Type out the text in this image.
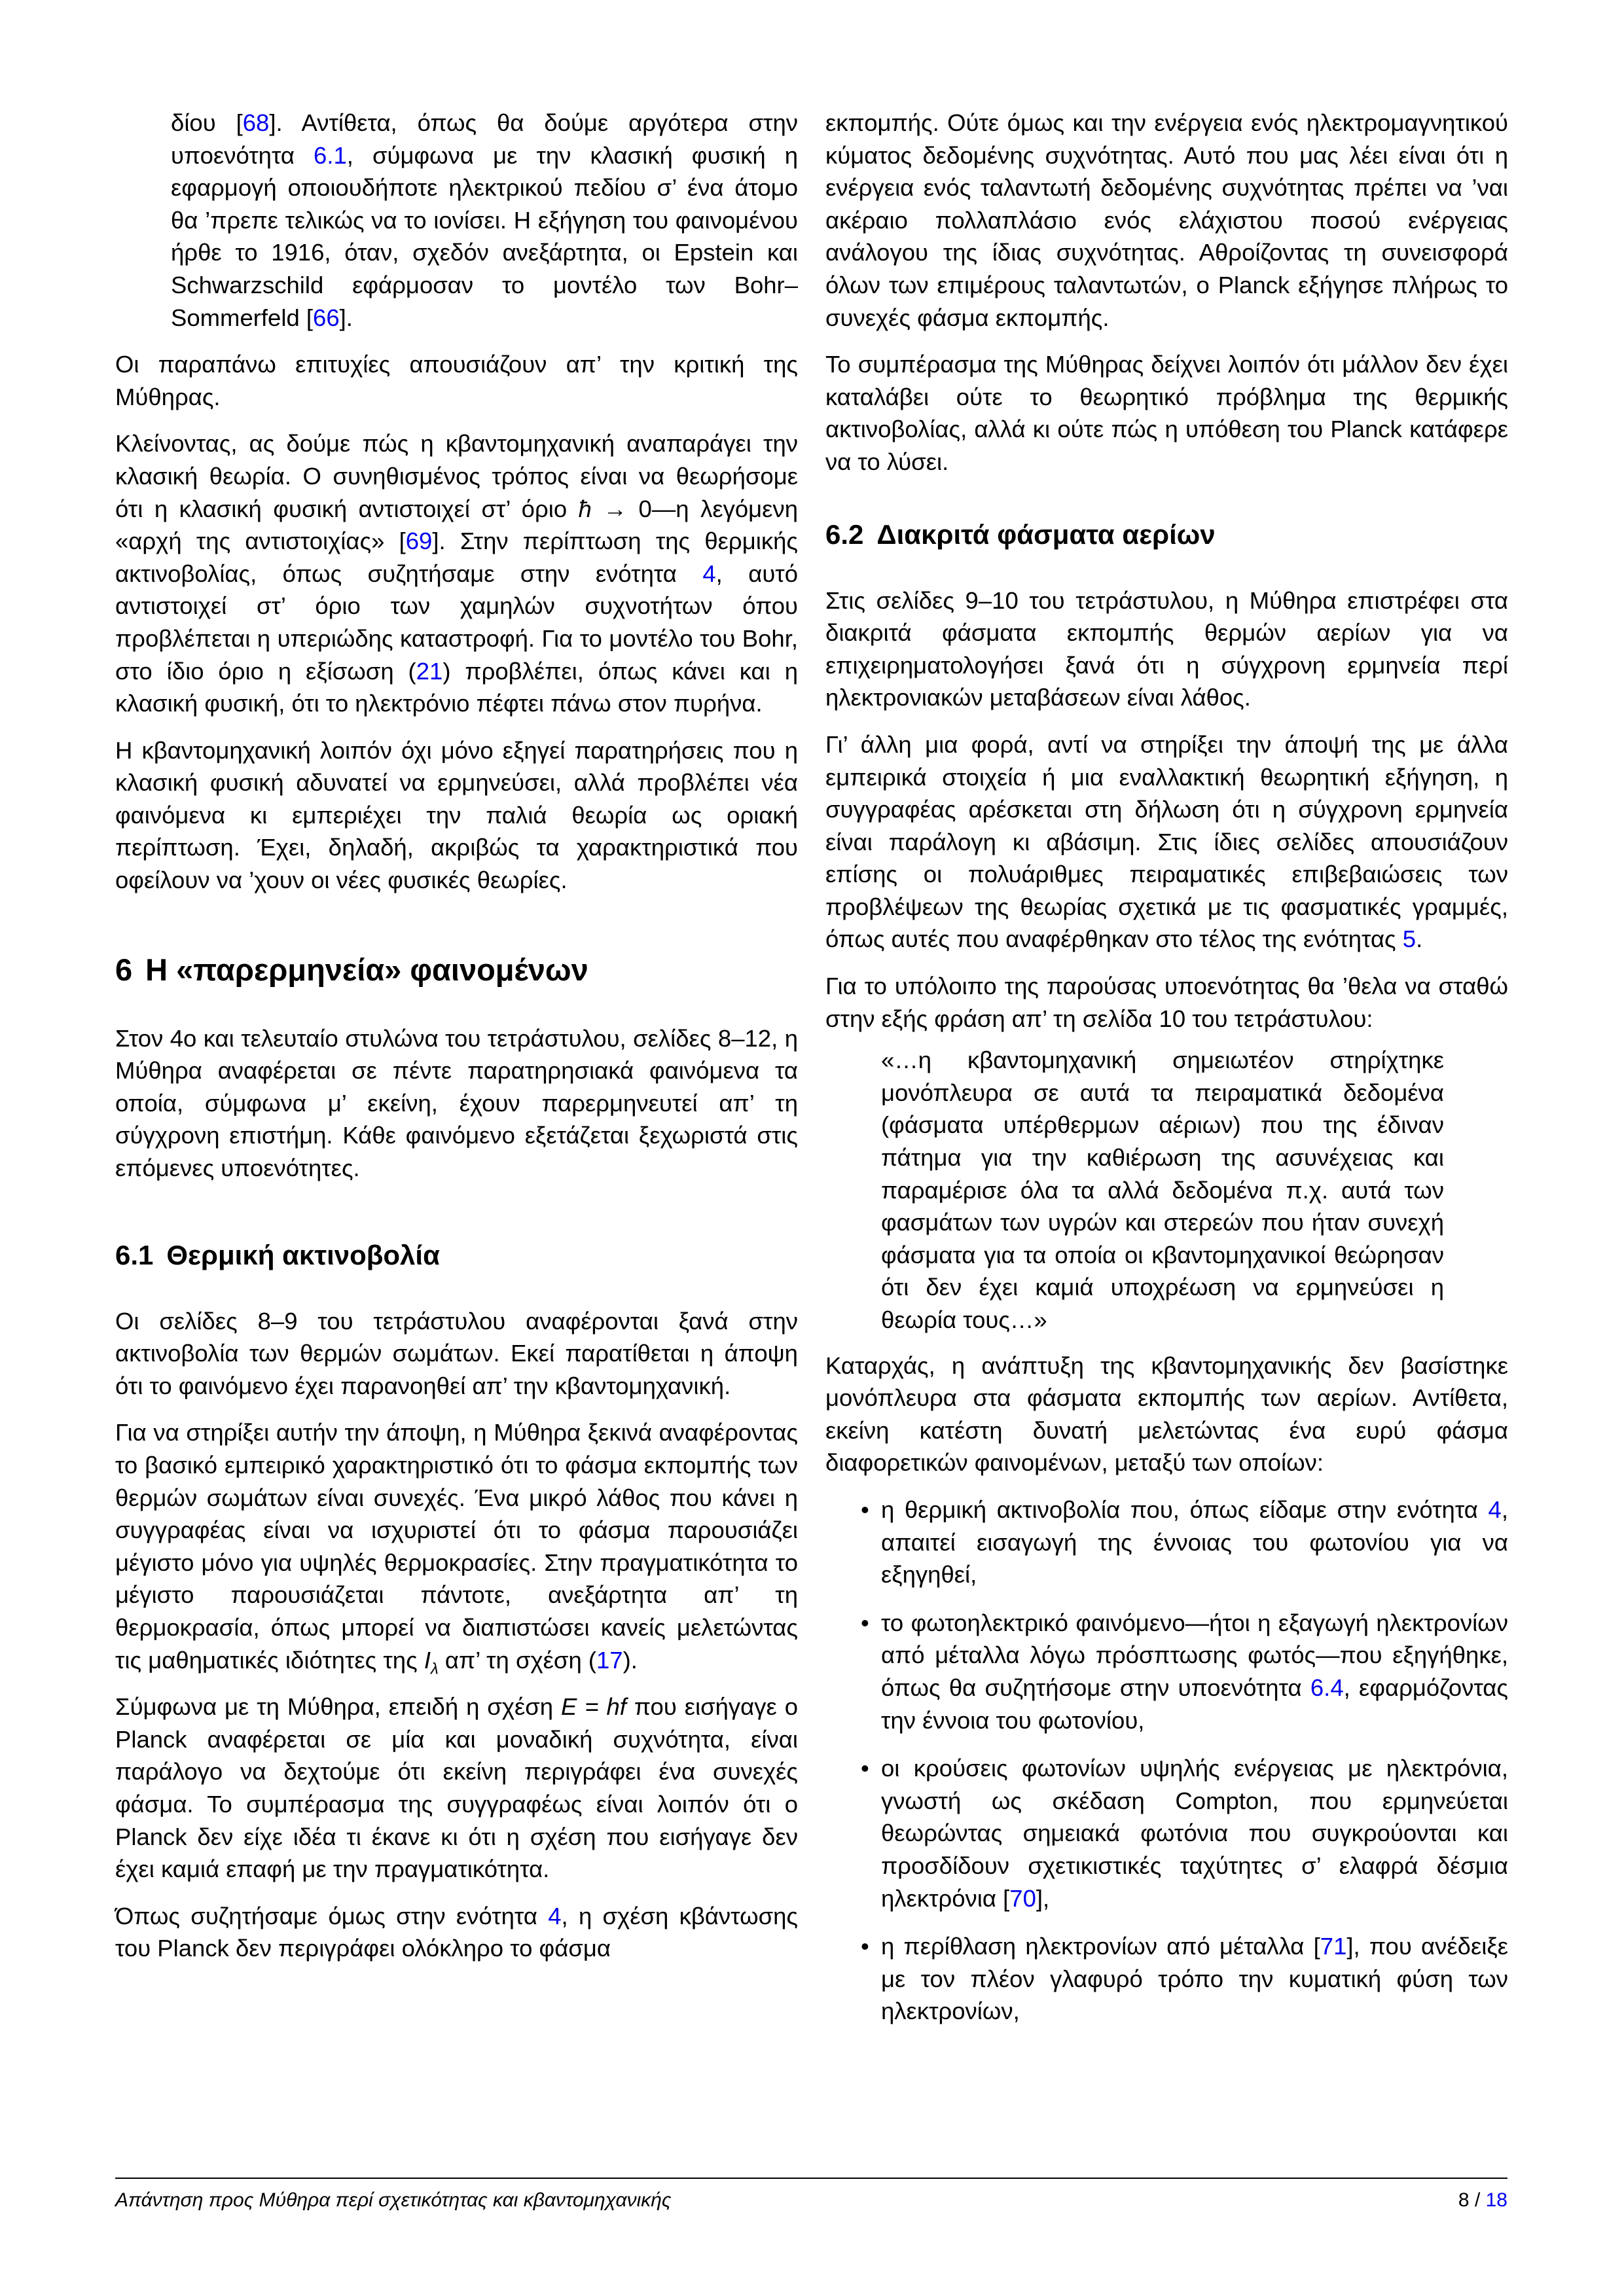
δίου [68]. Αντίθετα, όπως θα δούμε αργότερα στην υποενότητα 6.1, σύμφωνα με την κλασική φυσική η εφαρμογή οποιουδήποτε ηλεκτρικού πεδίου σ’ ένα άτομο θα ’πρεπε τελικώς να το ιονίσει. Η εξήγηση του φαινομένου ήρθε το 1916, όταν, σχεδόν ανεξάρτητα, οι Epstein και Schwarzschild εφάρμοσαν το μοντέλο των Bohr–Sommerfeld [66].

Οι παραπάνω επιτυχίες απουσιάζουν απ’ την κριτική της Μύθηρας.

Κλείνοντας, ας δούμε πώς η κβαντομηχανική αναπαράγει την κλασική θεωρία. Ο συνηθισμένος τρόπος είναι να θεωρήσομε ότι η κλασική φυσική αντιστοιχεί στ’ όριο ħ → 0—η λεγόμενη «αρχή της αντιστοιχίας» [69]. Στην περίπτωση της θερμικής ακτινοβολίας, όπως συζητήσαμε στην ενότητα 4, αυτό αντιστοιχεί στ’ όριο των χαμηλών συχνοτήτων όπου προβλέπεται η υπεριώδης καταστροφή. Για το μοντέλο του Bohr, στο ίδιο όριο η εξίσωση (21) προβλέπει, όπως κάνει και η κλασική φυσική, ότι το ηλεκτρόνιο πέφτει πάνω στον πυρήνα.

Η κβαντομηχανική λοιπόν όχι μόνο εξηγεί παρατηρήσεις που η κλασική φυσική αδυνατεί να ερμηνεύσει, αλλά προβλέπει νέα φαινόμενα κι εμπεριέχει την παλιά θεωρία ως οριακή περίπτωση. Έχει, δηλαδή, ακριβώς τα χαρακτηριστικά που οφείλουν να ’χουν οι νέες φυσικές θεωρίες.

6 Η «παρερμηνεία» φαινομένων

Στον 4ο και τελευταίο στυλώνα του τετράστυλου, σελίδες 8–12, η Μύθηρα αναφέρεται σε πέντε παρατηρησιακά φαινόμενα τα οποία, σύμφωνα μ’ εκείνη, έχουν παρερμηνευτεί απ’ τη σύγχρονη επιστήμη. Κάθε φαινόμενο εξετάζεται ξεχωριστά στις επόμενες υποενότητες.

6.1 Θερμική ακτινοβολία

Οι σελίδες 8–9 του τετράστυλου αναφέρονται ξανά στην ακτινοβολία των θερμών σωμάτων. Εκεί παρατίθεται η άποψη ότι το φαινόμενο έχει παρανοηθεί απ’ την κβαντομηχανική.

Για να στηρίξει αυτήν την άποψη, η Μύθηρα ξεκινά αναφέροντας το βασικό εμπειρικό χαρακτηριστικό ότι το φάσμα εκπομπής των θερμών σωμάτων είναι συνεχές. Ένα μικρό λάθος που κάνει η συγγραφέας είναι να ισχυριστεί ότι το φάσμα παρουσιάζει μέγιστο μόνο για υψηλές θερμοκρασίες. Στην πραγματικότητα το μέγιστο παρουσιάζεται πάντοτε, ανεξάρτητα απ’ τη θερμοκρασία, όπως μπορεί να διαπιστώσει κανείς μελετώντας τις μαθηματικές ιδιότητες της $I_\lambda$ απ’ τη σχέση (17).

Σύμφωνα με τη Μύθηρα, επειδή η σχέση E = hf που εισήγαγε ο Planck αναφέρεται σε μία και μοναδική συχνότητα, είναι παράλογο να δεχτούμε ότι εκείνη περιγράφει ένα συνεχές φάσμα. Το συμπέρασμα της συγγραφέως είναι λοιπόν ότι ο Planck δεν είχε ιδέα τι έκανε κι ότι η σχέση που εισήγαγε δεν έχει καμιά επαφή με την πραγματικότητα.

Όπως συζητήσαμε όμως στην ενότητα 4, η σχέση κβάντωσης του Planck δεν περιγράφει ολόκληρο το φάσμα

εκπομπής. Ούτε όμως και την ενέργεια ενός ηλεκτρομαγνητικού κύματος δεδομένης συχνότητας. Αυτό που μας λέει είναι ότι η ενέργεια ενός ταλαντωτή δεδομένης συχνότητας πρέπει να ’ναι ακέραιο πολλαπλάσιο ενός ελάχιστου ποσού ενέργειας ανάλογου της ίδιας συχνότητας. Αθροίζοντας τη συνεισφορά όλων των επιμέρους ταλαντωτών, ο Planck εξήγησε πλήρως το συνεχές φάσμα εκπομπής.

Το συμπέρασμα της Μύθηρας δείχνει λοιπόν ότι μάλλον δεν έχει καταλάβει ούτε το θεωρητικό πρόβλημα της θερμικής ακτινοβολίας, αλλά κι ούτε πώς η υπόθεση του Planck κατάφερε να το λύσει.

6.2 Διακριτά φάσματα αερίων

Στις σελίδες 9–10 του τετράστυλου, η Μύθηρα επιστρέφει στα διακριτά φάσματα εκπομπής θερμών αερίων για να επιχειρηματολογήσει ξανά ότι η σύγχρονη ερμηνεία περί ηλεκτρονιακών μεταβάσεων είναι λάθος.

Γι’ άλλη μια φορά, αντί να στηρίξει την άποψή της με άλλα εμπειρικά στοιχεία ή μια εναλλακτική θεωρητική εξήγηση, η συγγραφέας αρέσκεται στη δήλωση ότι η σύγχρονη ερμηνεία είναι παράλογη κι αβάσιμη. Στις ίδιες σελίδες απουσιάζουν επίσης οι πολυάριθμες πειραματικές επιβεβαιώσεις των προβλέψεων της θεωρίας σχετικά με τις φασματικές γραμμές, όπως αυτές που αναφέρθηκαν στο τέλος της ενότητας 5.

Για το υπόλοιπο της παρούσας υποενότητας θα ’θελα να σταθώ στην εξής φράση απ’ τη σελίδα 10 του τετράστυλου:

«…η κβαντομηχανική σημειωτέον στηρίχτηκε μονόπλευρα σε αυτά τα πειραματικά δεδομένα (φάσματα υπέρθερμων αέριων) που της έδιναν πάτημα για την καθιέρωση της ασυνέχειας και παραμέρισε όλα τα αλλά δεδομένα π.χ. αυτά των φασμάτων των υγρών και στερεών που ήταν συνεχή φάσματα για τα οποία οι κβαντομηχανικοί θεώρησαν ότι δεν έχει καμιά υποχρέωση να ερμηνεύσει η θεωρία τους…»

Καταρχάς, η ανάπτυξη της κβαντομηχανικής δεν βασίστηκε μονόπλευρα στα φάσματα εκπομπής των αερίων. Αντίθετα, εκείνη κατέστη δυνατή μελετώντας ένα ευρύ φάσμα διαφορετικών φαινομένων, μεταξύ των οποίων:

• η θερμική ακτινοβολία που, όπως είδαμε στην ενότητα 4, απαιτεί εισαγωγή της έννοιας του φωτονίου για να εξηγηθεί,
• το φωτοηλεκτρικό φαινόμενο—ήτοι η εξαγωγή ηλεκτρονίων από μέταλλα λόγω πρόσπτωσης φωτός—που εξηγήθηκε, όπως θα συζητήσομε στην υποενότητα 6.4, εφαρμόζοντας την έννοια του φωτονίου,
• οι κρούσεις φωτονίων υψηλής ενέργειας με ηλεκτρόνια, γνωστή ως σκέδαση Compton, που ερμηνεύεται θεωρώντας σημειακά φωτόνια που συγκρούονται και προσδίδουν σχετικιστικές ταχύτητες σ’ ελαφρά δέσμια ηλεκτρόνια [70],
• η περίθλαση ηλεκτρονίων από μέταλλα [71], που ανέδειξε με τον πλέον γλαφυρό τρόπο την κυματική φύση των ηλεκτρονίων,
Απάντηση προς Μύθηρα περί σχετικότητας και κβαντομηχανικής	8 / 18
